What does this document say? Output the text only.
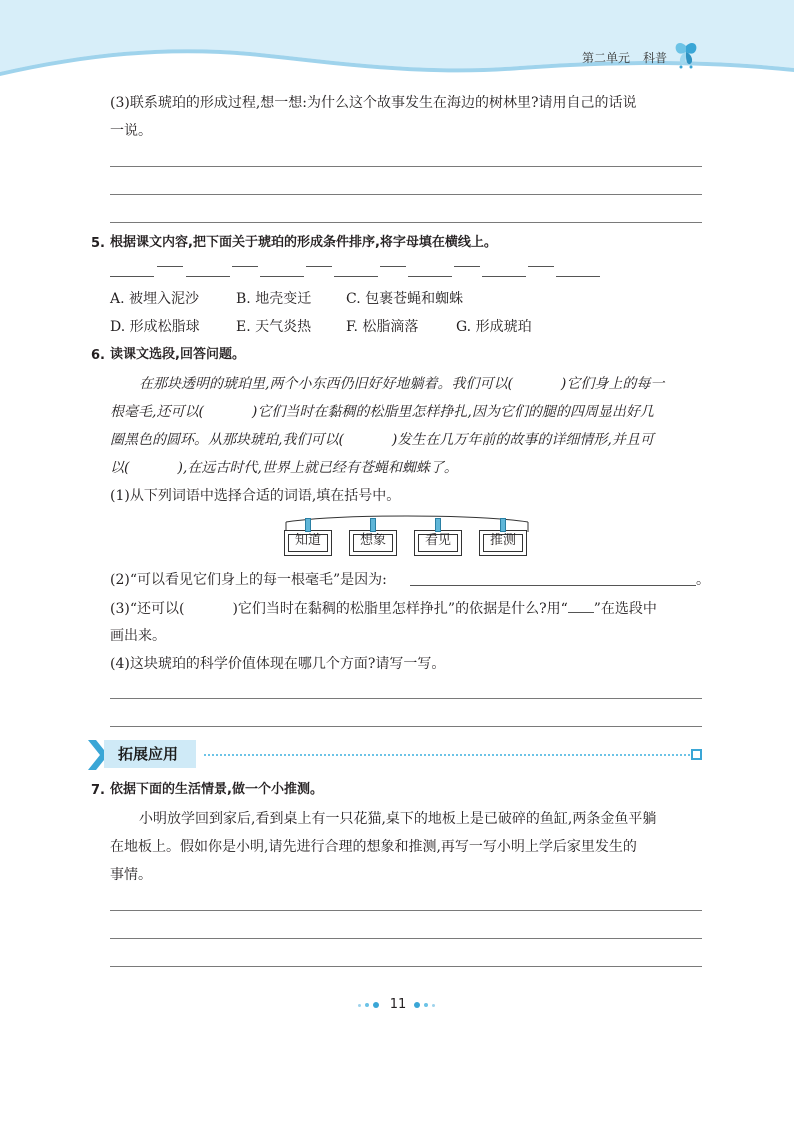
第二单元 科普
(3)联系琥珀的形成过程,想一想:为什么这个故事发生在海边的树林里?请用自己的话说
一说。
5. 根据课文内容,把下面关于琥珀的形成条件排序,将字母填在横线上。
A. 被埋入泥沙	B. 地壳变迁 C. 包裹苍蝇和蜘蛛
D. 形成松脂球	E. 天气炎热 F. 松脂滴落	G. 形成琥珀
6. 读课文选段,回答问题。
在那块透明的琥珀里,两个小东西仍旧好好地躺着。我们可以(	)它们身上的每一
根毫毛,还可以(	)它们当时在黏稠的松脂里怎样挣扎,因为它们的腿的四周显出好几
圈黑色的圆环。从那块琥珀,我们可以(	)发生在几万年前的故事的详细情形,并且可
以(	),在远古时代,世界上就已经有苍蝇和蜘蛛了。
(1)从下列词语中选择合适的词语,填在括号中。
知道	想象	看见	推测
(2)“可以看见它们身上的每一根毫毛”是因为:	。
(3)“还可以(	)它们当时在黏稠的松脂里怎样挣扎”的依据是什么?用“ ”在选段中
画出来。
(4)这块琥珀的科学价值体现在哪几个方面?请写一写。
拓展应用
7. 依据下面的生活情景,做一个小推测。
小明放学回到家后,看到桌上有一只花猫,桌下的地板上是已破碎的鱼缸,两条金鱼平躺
在地板上。假如你是小明,请先进行合理的想象和推测,再写一写小明上学后家里发生的
事情。
11
